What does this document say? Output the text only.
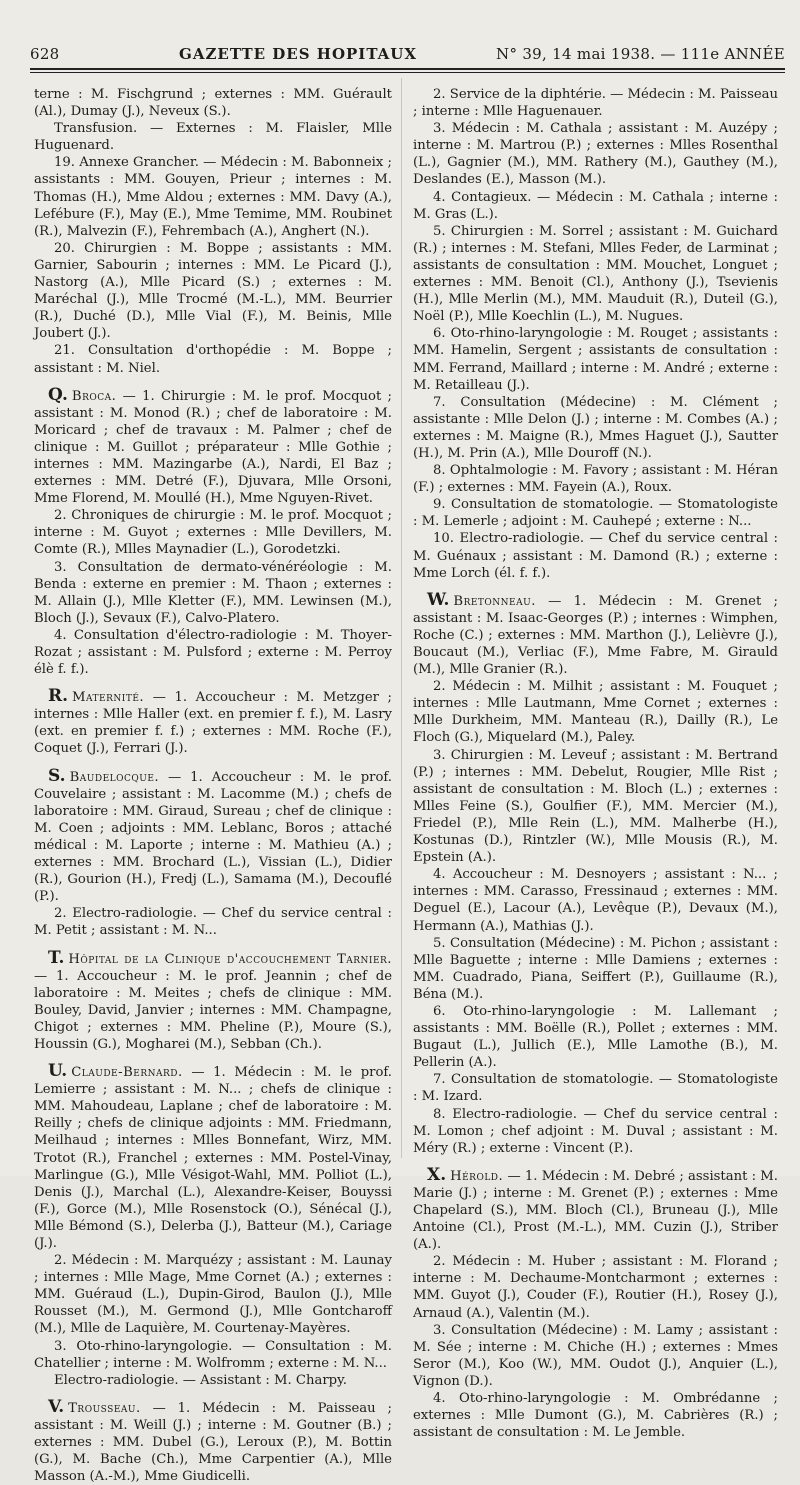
628	GAZETTE DES HOPITAUX	N° 39, 14 mai 1938. — 111e ANNÉE

terne : M. Fischgrund ; externes : MM. Guérault (Al.), Dumay (J.), Neveux (S.).

Transfusion. — Externes : M. Flaisler, Mlle Huguenard.

19. Annexe Grancher. — Médecin : M. Babonneix ; assistants : MM. Gouyen, Prieur ; internes : M. Thomas (H.), Mme Aldou ; externes : MM. Davy (A.), Lefébure (F.), May (E.), Mme Temime, MM. Roubinet (R.), Malvezin (F.), Fehrembach (A.), Anghert (N.).

20. Chirurgien : M. Boppe ; assistants : MM. Garnier, Sabourin ; internes : MM. Le Picard (J.), Nastorg (A.), Mlle Picard (S.) ; externes : M. Maréchal (J.), Mlle Trocmé (M.-L.), MM. Beurrier (R.), Duché (D.), Mlle Vial (F.), M. Beinis, Mlle Joubert (J.).

21. Consultation d'orthopédie : M. Boppe ; assistant : M. Niel.

Q. Broca. — 1. Chirurgie : M. le prof. Mocquot ; assistant : M. Monod (R.) ; chef de laboratoire : M. Moricard ; chef de travaux : M. Palmer ; chef de clinique : M. Guillot ; préparateur : Mlle Gothie ; internes : MM. Mazingarbe (A.), Nardi, El Baz ; externes : MM. Detré (F.), Djuvara, Mlle Orsoni, Mme Florend, M. Moullé (H.), Mme Nguyen-Rivet.

2. Chroniques de chirurgie : M. le prof. Mocquot ; interne : M. Guyot ; externes : Mlle Devillers, M. Comte (R.), Mlles Maynadier (L.), Gorodetzki.

3. Consultation de dermato-vénéréologie : M. Benda : externe en premier : M. Thaon ; externes : M. Allain (J.), Mlle Kletter (F.), MM. Lewinsen (M.), Bloch (J.), Sevaux (F.), Calvo-Platero.

4. Consultation d'électro-radiologie : M. Thoyer-Rozat ; assistant : M. Pulsford ; externe : M. Perroy élè f. f.).

R. Maternité. — 1. Accoucheur : M. Metzger ; internes : Mlle Haller (ext. en premier f. f.), M. Lasry (ext. en premier f. f.) ; externes : MM. Roche (F.), Coquet (J.), Ferrari (J.).

S. Baudelocque. — 1. Accoucheur : M. le prof. Couvelaire ; assistant : M. Lacomme (M.) ; chefs de laboratoire : MM. Giraud, Sureau ; chef de clinique : M. Coen ; adjoints : MM. Leblanc, Boros ; attaché médical : M. Laporte ; interne : M. Mathieu (A.) ; externes : MM. Brochard (L.), Vissian (L.), Didier (R.), Gourion (H.), Fredj (L.), Samama (M.), Decouflé (P.).

2. Electro-radiologie. — Chef du service central : M. Petit ; assistant : M. N...

T. Hôpital de la Clinique d'accouchement Tarnier. — 1. Accoucheur : M. le prof. Jeannin ; chef de laboratoire : M. Meites ; chefs de clinique : MM. Bouley, David, Janvier ; internes : MM. Champagne, Chigot ; externes : MM. Pheline (P.), Moure (S.), Houssin (G.), Mogharei (M.), Sebban (Ch.).

U. Claude-Bernard. — 1. Médecin : M. le prof. Lemierre ; assistant : M. N... ; chefs de clinique : MM. Mahoudeau, Laplane ; chef de laboratoire : M. Reilly ; chefs de clinique adjoints : MM. Friedmann, Meilhaud ; internes : Mlles Bonnefant, Wirz, MM. Trotot (R.), Franchel ; externes : MM. Postel-Vinay, Marlingue (G.), Mlle Vésigot-Wahl, MM. Polliot (L.), Denis (J.), Marchal (L.), Alexandre-Keiser, Bouyssi (F.), Gorce (M.), Mlle Rosenstock (O.), Sénécal (J.), Mlle Bémond (S.), Delerba (J.), Batteur (M.), Cariage (J.).

2. Médecin : M. Marquézy ; assistant : M. Launay ; internes : Mlle Mage, Mme Cornet (A.) ; externes : MM. Guéraud (L.), Dupin-Girod, Baulon (J.), Mlle Rousset (M.), M. Germond (J.), Mlle Gontcharoff (M.), Mlle de Laquière, M. Courtenay-Mayères.

3. Oto-rhino-laryngologie. — Consultation : M. Chatellier ; interne : M. Wolfromm ; externe : M. N...

Electro-radiologie. — Assistant : M. Charpy.

V. Trousseau. — 1. Médecin : M. Paisseau ; assistant : M. Weill (J.) ; interne : M. Goutner (B.) ; externes : MM. Dubel (G.), Leroux (P.), M. Bottin (G.), M. Bache (Ch.), Mme Carpentier (A.), Mlle Masson (A.-M.), Mme Giudicelli.

2. Service de la diphtérie. — Médecin : M. Paisseau ; interne : Mlle Haguenauer.

3. Médecin : M. Cathala ; assistant : M. Auzépy ; interne : M. Martrou (P.) ; externes : Mlles Rosenthal (L.), Gagnier (M.), MM. Rathery (M.), Gauthey (M.), Deslandes (E.), Masson (M.).

4. Contagieux. — Médecin : M. Cathala ; interne : M. Gras (L.).

5. Chirurgien : M. Sorrel ; assistant : M. Guichard (R.) ; internes : M. Stefani, Mlles Feder, de Larminat ; assistants de consultation : MM. Mouchet, Longuet ; externes : MM. Benoit (Cl.), Anthony (J.), Tsevienis (H.), Mlle Merlin (M.), MM. Mauduit (R.), Duteil (G.), Noël (P.), Mlle Koechlin (L.), M. Nugues.

6. Oto-rhino-laryngologie : M. Rouget ; assistants : MM. Hamelin, Sergent ; assistants de consultation : MM. Ferrand, Maillard ; interne : M. André ; externe : M. Retailleau (J.).

7. Consultation (Médecine) : M. Clément ; assistante : Mlle Delon (J.) ; interne : M. Combes (A.) ; externes : M. Maigne (R.), Mmes Haguet (J.), Sautter (H.), M. Prin (A.), Mlle Douroff (N.).

8. Ophtalmologie : M. Favory ; assistant : M. Héran (F.) ; externes : MM. Fayein (A.), Roux.

9. Consultation de stomatologie. — Stomatologiste : M. Lemerle ; adjoint : M. Cauhepé ; externe : N...

10. Electro-radiologie. — Chef du service central : M. Guénaux ; assistant : M. Damond (R.) ; externe : Mme Lorch (él. f. f.).

W. Bretonneau. — 1. Médecin : M. Grenet ; assistant : M. Isaac-Georges (P.) ; internes : Wimphen, Roche (C.) ; externes : MM. Marthon (J.), Lelièvre (J.), Boucaut (M.), Verliac (F.), Mme Fabre, M. Girauld (M.), Mlle Granier (R.).

2. Médecin : M. Milhit ; assistant : M. Fouquet ; internes : Mlle Lautmann, Mme Cornet ; externes : Mlle Durkheim, MM. Manteau (R.), Dailly (R.), Le Floch (G.), Miquelard (M.), Paley.

3. Chirurgien : M. Leveuf ; assistant : M. Bertrand (P.) ; internes : MM. Debelut, Rougier, Mlle Rist ; assistant de consultation : M. Bloch (L.) ; externes : Mlles Feine (S.), Goulfier (F.), MM. Mercier (M.), Friedel (P.), Mlle Rein (L.), MM. Malherbe (H.), Kostunas (D.), Rintzler (W.), Mlle Mousis (R.), M. Epstein (A.).

4. Accoucheur : M. Desnoyers ; assistant : N... ; internes : MM. Carasso, Fressinaud ; externes : MM. Deguel (E.), Lacour (A.), Levêque (P.), Devaux (M.), Hermann (A.), Mathias (J.).

5. Consultation (Médecine) : M. Pichon ; assistant : Mlle Baguette ; interne : Mlle Damiens ; externes : MM. Cuadrado, Piana, Seiffert (P.), Guillaume (R.), Béna (M.).

6. Oto-rhino-laryngologie : M. Lallemant ; assistants : MM. Boëlle (R.), Pollet ; externes : MM. Bugaut (L.), Jullich (E.), Mlle Lamothe (B.), M. Pellerin (A.).

7. Consultation de stomatologie. — Stomatologiste : M. Izard.

8. Electro-radiologie. — Chef du service central : M. Lomon ; chef adjoint : M. Duval ; assistant : M. Méry (R.) ; externe : Vincent (P.).

X. Hérold. — 1. Médecin : M. Debré ; assistant : M. Marie (J.) ; interne : M. Grenet (P.) ; externes : Mme Chapelard (S.), MM. Bloch (Cl.), Bruneau (J.), Mlle Antoine (Cl.), Prost (M.-L.), MM. Cuzin (J.), Striber (A.).

2. Médecin : M. Huber ; assistant : M. Florand ; interne : M. Dechaume-Montcharmont ; externes : MM. Guyot (J.), Couder (F.), Routier (H.), Rosey (J.), Arnaud (A.), Valentin (M.).

3. Consultation (Médecine) : M. Lamy ; assistant : M. Sée ; interne : M. Chiche (H.) ; externes : Mmes Seror (M.), Koo (W.), MM. Oudot (J.), Anquier (L.), Vignon (D.).

4. Oto-rhino-laryngologie : M. Ombrédanne ; externes : Mlle Dumont (G.), M. Cabrières (R.) ; assistant de consultation : M. Le Jemble.
